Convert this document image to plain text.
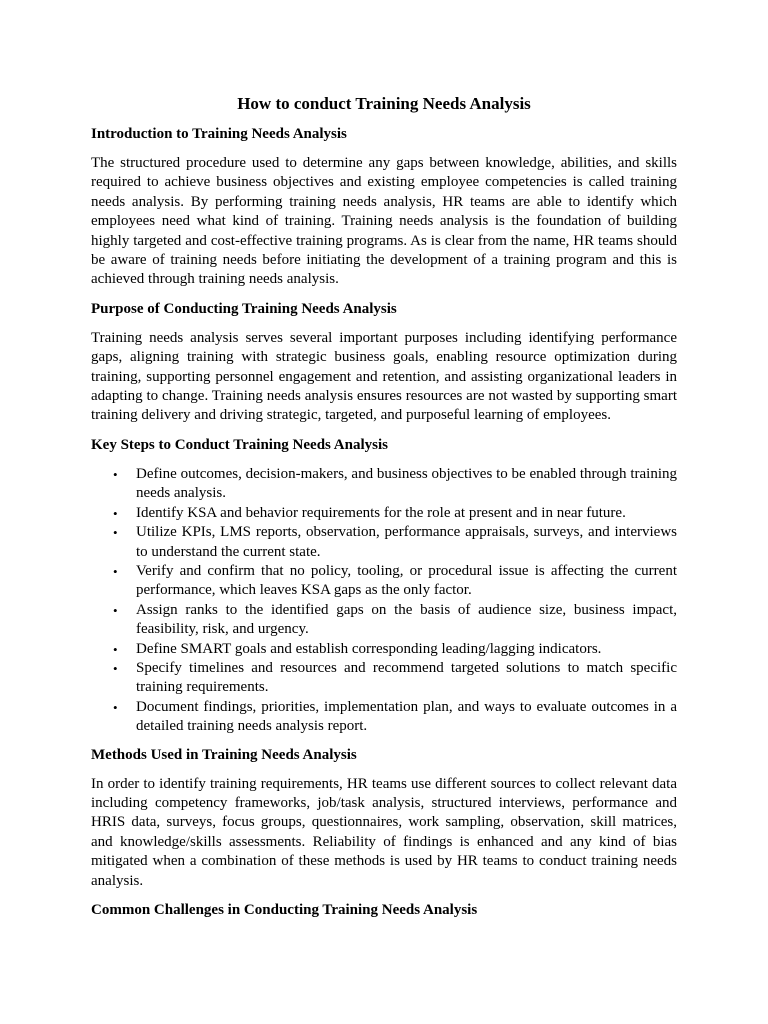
How to conduct Training Needs Analysis
Introduction to Training Needs Analysis

The structured procedure used to determine any gaps between knowledge, abilities, and skills required to achieve business objectives and existing employee competencies is called training needs analysis. By performing training needs analysis, HR teams are able to identify which employees need what kind of training. Training needs analysis is the foundation of building highly targeted and cost-effective training programs. As is clear from the name, HR teams should be aware of training needs before initiating the development of a training program and this is achieved through training needs analysis.

Purpose of Conducting Training Needs Analysis

Training needs analysis serves several important purposes including identifying performance gaps, aligning training with strategic business goals, enabling resource optimization during training, supporting personnel engagement and retention, and assisting organizational leaders in adapting to change. Training needs analysis ensures resources are not wasted by supporting smart training delivery and driving strategic, targeted, and purposeful learning of employees.

Key Steps to Conduct Training Needs Analysis
• Define outcomes, decision-makers, and business objectives to be enabled through training needs analysis.
• Identify KSA and behavior requirements for the role at present and in near future.
• Utilize KPIs, LMS reports, observation, performance appraisals, surveys, and interviews to understand the current state.
• Verify and confirm that no policy, tooling, or procedural issue is affecting the current performance, which leaves KSA gaps as the only factor.
• Assign ranks to the identified gaps on the basis of audience size, business impact, feasibility, risk, and urgency.
• Define SMART goals and establish corresponding leading/lagging indicators.
• Specify timelines and resources and recommend targeted solutions to match specific training requirements.
• Document findings, priorities, implementation plan, and ways to evaluate outcomes in a detailed training needs analysis report.
Methods Used in Training Needs Analysis

In order to identify training requirements, HR teams use different sources to collect relevant data including competency frameworks, job/task analysis, structured interviews, performance and HRIS data, surveys, focus groups, questionnaires, work sampling, observation, skill matrices, and knowledge/skills assessments. Reliability of findings is enhanced and any kind of bias mitigated when a combination of these methods is used by HR teams to conduct training needs analysis.

Common Challenges in Conducting Training Needs Analysis
